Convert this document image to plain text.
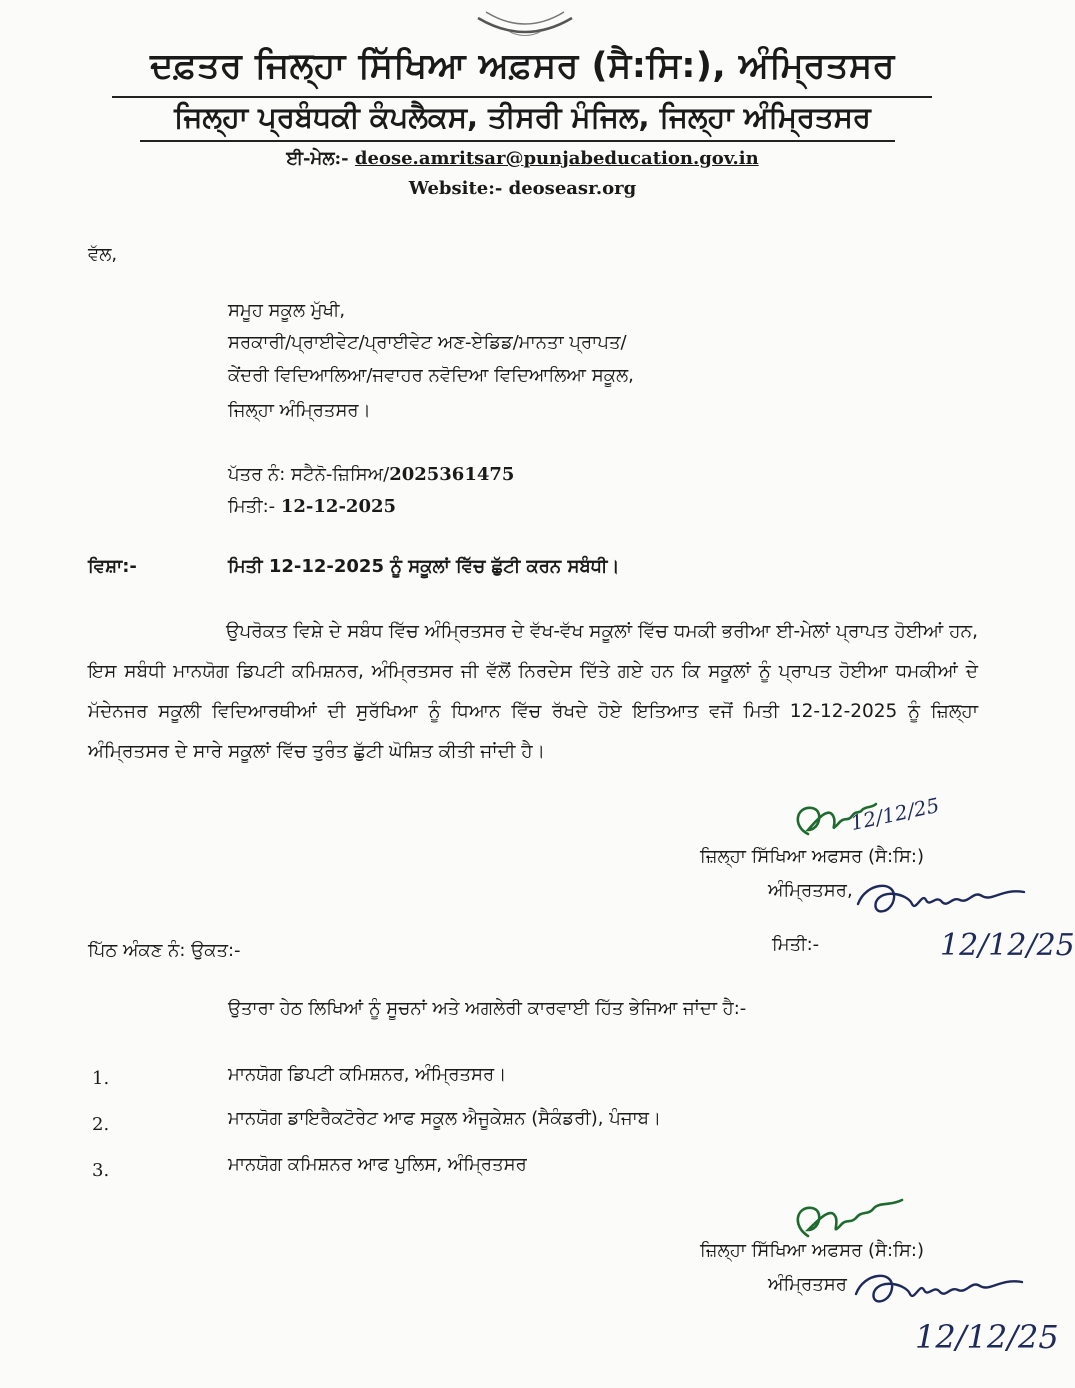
ਦਫ਼ਤਰ ਜਿਲ੍ਹਾ ਸਿੱਖਿਆ ਅਫ਼ਸਰ (ਸੈ:ਸਿ:), ਅੰਮ੍ਰਿਤਸਰ
ਜਿਲ੍ਹਾ ਪ੍ਰਬੰਧਕੀ ਕੰਪਲੈਕਸ, ਤੀਸਰੀ ਮੰਜਿਲ, ਜਿਲ੍ਹਾ ਅੰਮ੍ਰਿਤਸਰ
ਈ-ਮੇਲ:- deose.amritsar@punjabeducation.gov.in
Website:- deoseasr.org
ਵੱਲ,
ਸਮੂਹ ਸਕੂਲ ਮੁੱਖੀ,
ਸਰਕਾਰੀ/ਪ੍ਰਾਈਵੇਟ/ਪ੍ਰਾਈਵੇਟ ਅਣ-ਏਡਿਡ/ਮਾਨਤਾ ਪ੍ਰਾਪਤ/
ਕੇਂਦਰੀ ਵਿਦਿਆਲਿਆ/ਜਵਾਹਰ ਨਵੋਦਿਆ ਵਿਦਿਆਲਿਆ ਸਕੂਲ,
ਜਿਲ੍ਹਾ ਅੰਮ੍ਰਿਤਸਰ।
ਪੱਤਰ ਨੰ: ਸਟੈਨੋ-ਜ਼ਿਸਿਅ/2025361475
ਮਿਤੀ:- 12-12-2025
ਵਿਸ਼ਾ:-	ਮਿਤੀ 12-12-2025 ਨੂੰ ਸਕੂਲਾਂ ਵਿੱਚ ਛੁੱਟੀ ਕਰਨ ਸਬੰਧੀ।
ਉਪਰੋਕਤ ਵਿਸ਼ੇ ਦੇ ਸਬੰਧ ਵਿੱਚ ਅੰਮ੍ਰਿਤਸਰ ਦੇ ਵੱਖ-ਵੱਖ ਸਕੂਲਾਂ ਵਿੱਚ ਧਮਕੀ ਭਰੀਆ ਈ-ਮੇਲਾਂ ਪ੍ਰਾਪਤ ਹੋਈਆਂ ਹਨ, ਇਸ ਸਬੰਧੀ ਮਾਨਯੋਗ ਡਿਪਟੀ ਕਮਿਸ਼ਨਰ, ਅੰਮ੍ਰਿਤਸਰ ਜੀ ਵੱਲੋਂ ਨਿਰਦੇਸ ਦਿੱਤੇ ਗਏ ਹਨ ਕਿ ਸਕੂਲਾਂ ਨੂੰ ਪ੍ਰਾਪਤ ਹੋਈਆ ਧਮਕੀਆਂ ਦੇ ਮੱਦੇਨਜਰ ਸਕੂਲੀ ਵਿਦਿਆਰਥੀਆਂ ਦੀ ਸੁਰੱਖਿਆ ਨੂੰ ਧਿਆਨ ਵਿੱਚ ਰੱਖਦੇ ਹੋਏ ਇਤਿਆਤ ਵਜੋਂ ਮਿਤੀ 12-12-2025 ਨੂੰ ਜ਼ਿਲ੍ਹਾ ਅੰਮ੍ਰਿਤਸਰ ਦੇ ਸਾਰੇ ਸਕੂਲਾਂ ਵਿੱਚ ਤੁਰੰਤ ਛੁੱਟੀ ਘੋਸ਼ਿਤ ਕੀਤੀ ਜਾਂਦੀ ਹੈ।
12/12/25
ਜ਼ਿਲ੍ਹਾ ਸਿੱਖਿਆ ਅਫਸਰ (ਸੈ:ਸਿ:)
ਅੰਮ੍ਰਿਤਸਰ,
12/12/25
ਪਿੱਠ ਅੰਕਣ ਨੰ: ਉਕਤ:-	ਮਿਤੀ:-
ਉਤਾਰਾ ਹੇਠ ਲਿਖਿਆਂ ਨੂੰ ਸੂਚਨਾਂ ਅਤੇ ਅਗਲੇਰੀ ਕਾਰਵਾਈ ਹਿੱਤ ਭੇਜਿਆ ਜਾਂਦਾ ਹੈ:-
1.	ਮਾਨਯੋਗ ਡਿਪਟੀ ਕਮਿਸ਼ਨਰ, ਅੰਮ੍ਰਿਤਸਰ।
2.	ਮਾਨਯੋਗ ਡਾਇਰੈਕਟੋਰੇਟ ਆਫ ਸਕੂਲ ਐਜੂਕੇਸ਼ਨ (ਸੈਕੰਡਰੀ), ਪੰਜਾਬ।
3.	ਮਾਨਯੋਗ ਕਮਿਸ਼ਨਰ ਆਫ ਪੁਲਿਸ, ਅੰਮ੍ਰਿਤਸਰ
ਜ਼ਿਲ੍ਹਾ ਸਿੱਖਿਆ ਅਫਸਰ (ਸੈ:ਸਿ:)
ਅੰਮ੍ਰਿਤਸਰ
12/12/25
